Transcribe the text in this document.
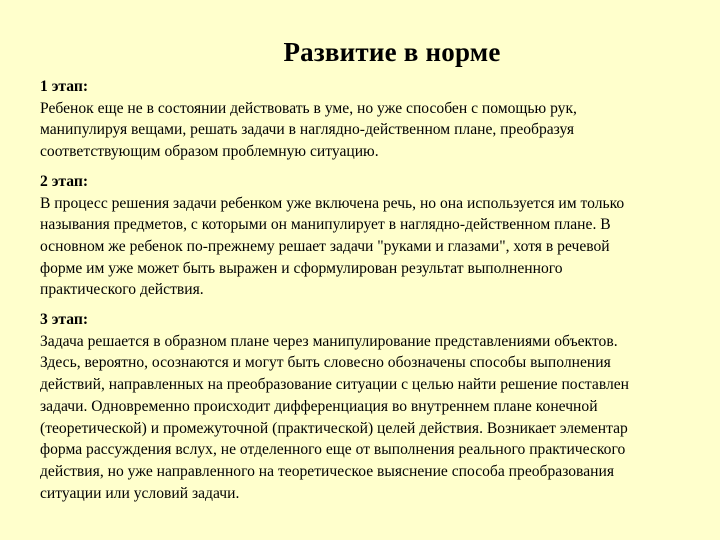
Развитие в норме

1 этап:
Ребенок еще не в состоянии действовать в уме, но уже способен с помощью рук,
манипулируя вещами, решать задачи в наглядно-действенном плане, преобразуя
соответствующим образом проблемную ситуацию.

2 этап:
В процесс решения задачи ребенком уже включена речь, но она используется им только
называния предметов, с которыми он манипулирует в наглядно-действенном плане. В
основном же ребенок по-прежнему решает задачи "руками и глазами", хотя в речевой
форме им уже может быть выражен и сформулирован результат выполненного
практического действия.

3 этап:
Задача решается в образном плане через манипулирование представлениями объектов.
Здесь, вероятно, осознаются и могут быть словесно обозначены способы выполнения
действий, направленных на преобразование ситуации с целью найти решение поставлен
задачи. Одновременно происходит дифференциация во внутреннем плане конечной
(теоретической) и промежуточной (практической) целей действия. Возникает элементар
форма рассуждения вслух, не отделенного еще от выполнения реального практического
действия, но уже направленного на теоретическое выяснение способа преобразования
ситуации или условий задачи.
